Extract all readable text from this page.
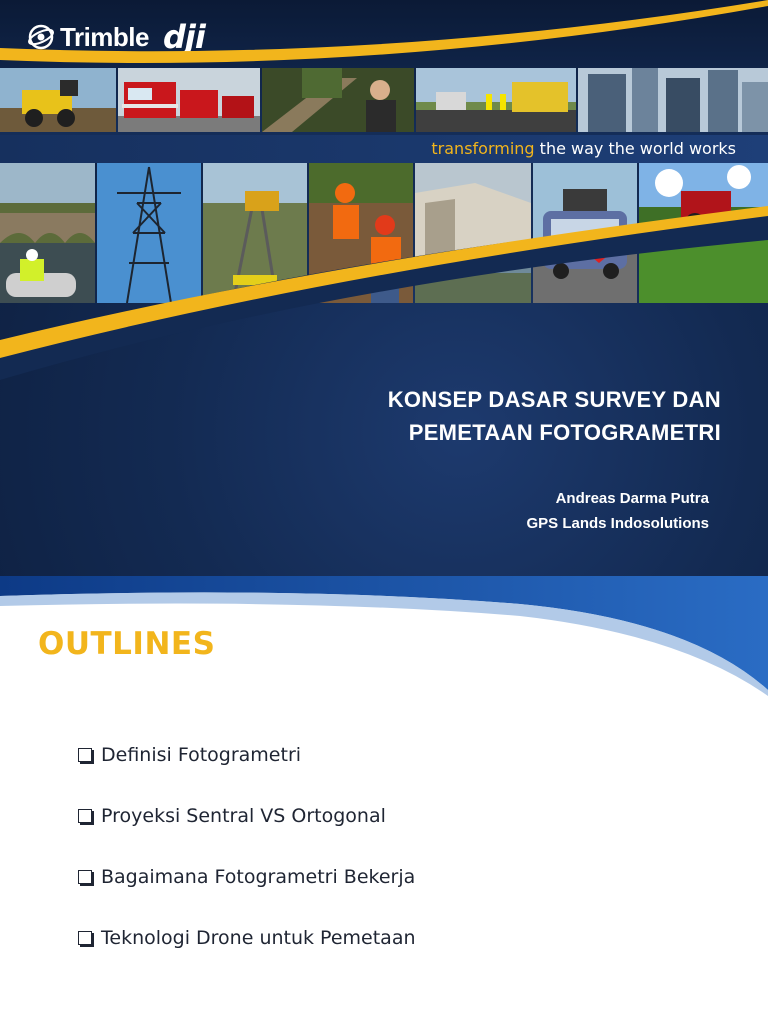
Trimble dji
transforming the way the world works
KONSEP DASAR SURVEY DAN
PEMETAAN FOTOGRAMETRI
Andreas Darma Putra
GPS Lands Indosolutions
OUTLINES
Definisi Fotogrametri
Proyeksi Sentral VS Ortogonal
Bagaimana Fotogrametri Bekerja
Teknologi Drone untuk Pemetaan
